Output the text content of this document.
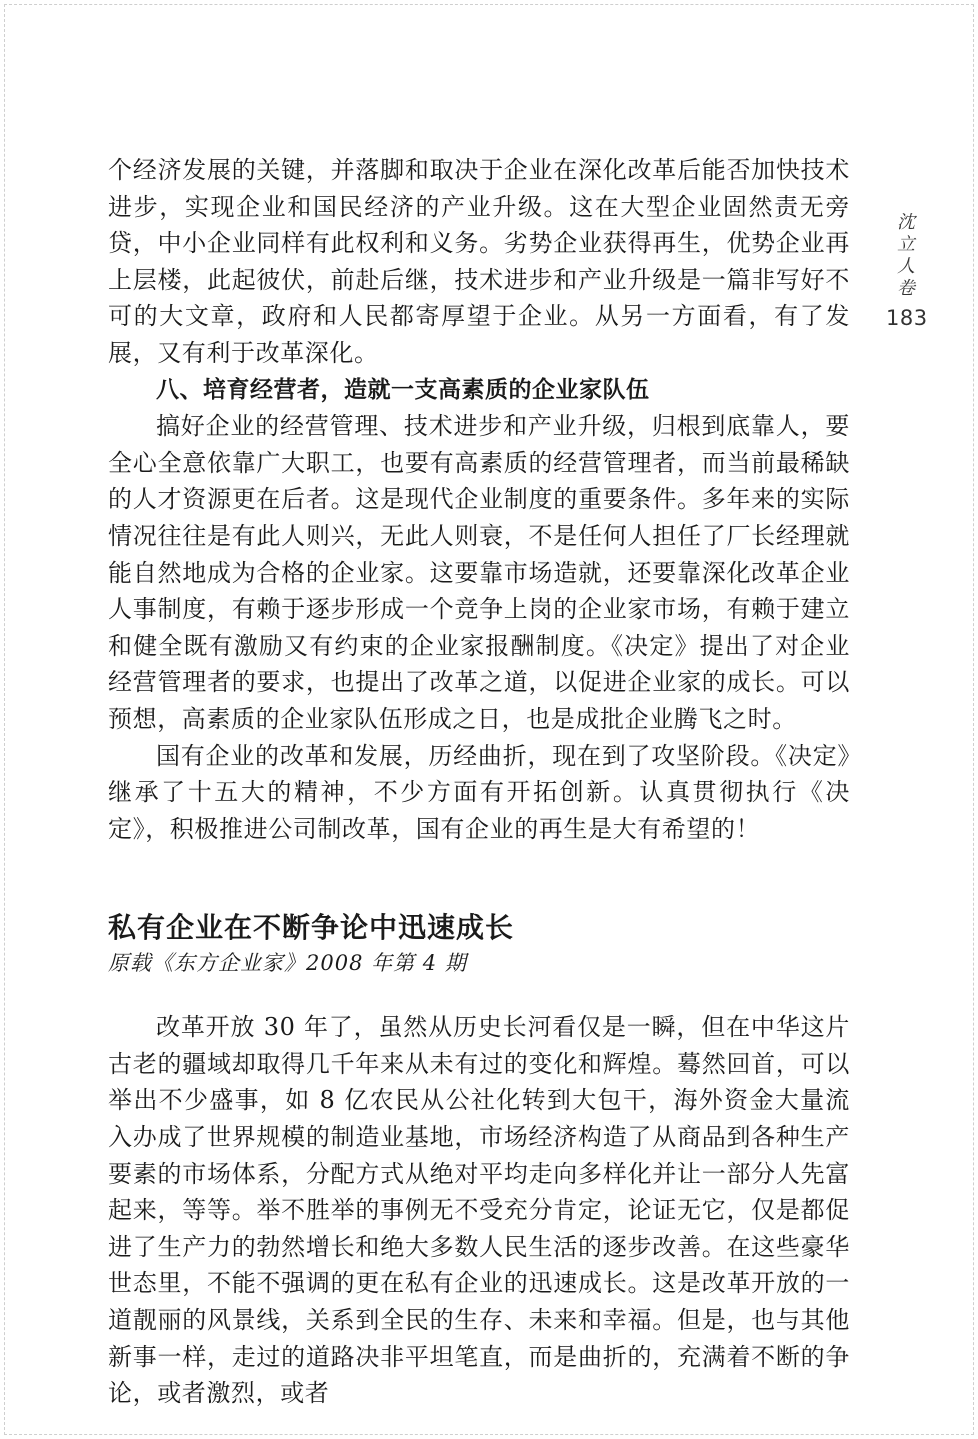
沈
立
人
卷
183

个经济发展的关键，并落脚和取决于企业在深化改革后能否加快技术进步，实现企业和国民经济的产业升级。这在大型企业固然责无旁贷，中小企业同样有此权利和义务。劣势企业获得再生，优势企业再上层楼，此起彼伏，前赴后继，技术进步和产业升级是一篇非写好不可的大文章，政府和人民都寄厚望于企业。从另一方面看，有了发展，又有利于改革深化。

八、培育经营者，造就一支高素质的企业家队伍

搞好企业的经营管理、技术进步和产业升级，归根到底靠人，要全心全意依靠广大职工，也要有高素质的经营管理者，而当前最稀缺的人才资源更在后者。这是现代企业制度的重要条件。多年来的实际情况往往是有此人则兴，无此人则衰，不是任何人担任了厂长经理就能自然地成为合格的企业家。这要靠市场造就，还要靠深化改革企业人事制度，有赖于逐步形成一个竞争上岗的企业家市场，有赖于建立和健全既有激励又有约束的企业家报酬制度。《决定》提出了对企业经营管理者的要求，也提出了改革之道，以促进企业家的成长。可以预想，高素质的企业家队伍形成之日，也是成批企业腾飞之时。

国有企业的改革和发展，历经曲折，现在到了攻坚阶段。《决定》继承了十五大的精神，不少方面有开拓创新。认真贯彻执行《决定》，积极推进公司制改革，国有企业的再生是大有希望的！

私有企业在不断争论中迅速成长
原载《东方企业家》2008 年第 4 期

改革开放 30 年了，虽然从历史长河看仅是一瞬，但在中华这片古老的疆域却取得几千年来从未有过的变化和辉煌。蓦然回首，可以举出不少盛事，如 8 亿农民从公社化转到大包干，海外资金大量流入办成了世界规模的制造业基地，市场经济构造了从商品到各种生产要素的市场体系，分配方式从绝对平均走向多样化并让一部分人先富起来，等等。举不胜举的事例无不受充分肯定，论证无它，仅是都促进了生产力的勃然增长和绝大多数人民生活的逐步改善。在这些豪华世态里，不能不强调的更在私有企业的迅速成长。这是改革开放的一道靓丽的风景线，关系到全民的生存、未来和幸福。但是，也与其他新事一样，走过的道路决非平坦笔直，而是曲折的，充满着不断的争论，或者激烈，或者
